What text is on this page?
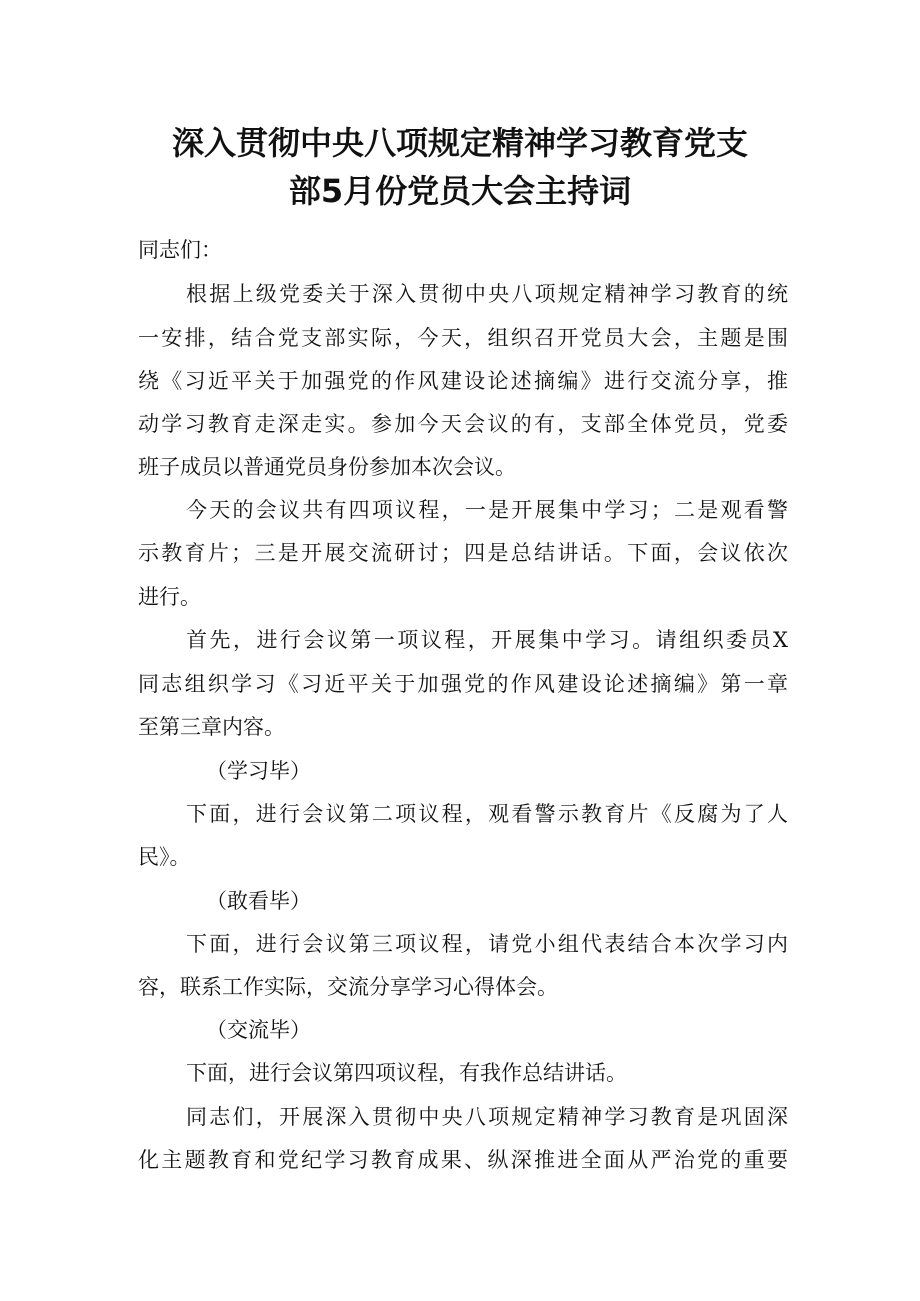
深入贯彻中央八项规定精神学习教育党支
部5月份党员大会主持词

同志们：

根据上级党委关于深入贯彻中央八项规定精神学习教育的统

一安排，结合党支部实际，今天，组织召开党员大会，主题是围

绕《习近平关于加强党的作风建设论述摘编》进行交流分享，推

动学习教育走深走实。参加今天会议的有，支部全体党员，党委

班子成员以普通党员身份参加本次会议。

今天的会议共有四项议程，一是开展集中学习；二是观看警

示教育片；三是开展交流研讨；四是总结讲话。下面，会议依次

进行。

首先，进行会议第一项议程，开展集中学习。请组织委员X

同志组织学习《习近平关于加强党的作风建设论述摘编》第一章

至第三章内容。

（学习毕）

下面，进行会议第二项议程，观看警示教育片《反腐为了人

民》。

（敢看毕）

下面，进行会议第三项议程，请党小组代表结合本次学习内

容，联系工作实际，交流分享学习心得体会。

（交流毕）

下面，进行会议第四项议程，有我作总结讲话。

同志们，开展深入贯彻中央八项规定精神学习教育是巩固深

化主题教育和党纪学习教育成果、纵深推进全面从严治党的重要
